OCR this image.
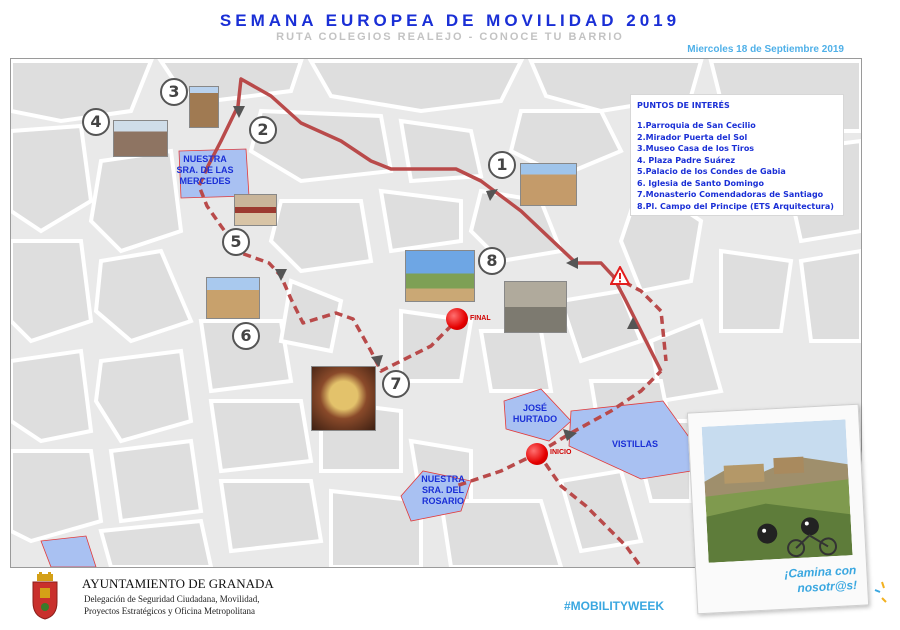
SEMANA EUROPEA DE MOVILIDAD 2019
RUTA COLEGIOS REALEJO - CONOCE TU BARRIO
Miercoles 18 de Septiembre 2019
PUNTOS DE INTERÉS
1.Parroquia de San Cecilio
2.Mirador Puerta del Sol
3.Museo Casa de los Tiros
4. Plaza Padre Suárez
5.Palacio de los Condes de Gabia
6. Iglesia de Santo Domingo
7.Monasterio Comendadoras de Santiago
8.Pl. Campo del Principe (ETS Arquitectura)
1
2
3
4
5
6
7
8
NUESTRA
SRA. DE LAS
MERCEDES
JOSÉ
HURTADO
VISTILLAS
NUESTRA
SRA. DEL
ROSARIO
FINAL
INICIO
¡Camina con
nosotr@s!
AYUNTAMIENTO DE GRANADA
Delegación de Seguridad Ciudadana, Movilidad,
Proyectos Estratégicos y Oficina Metropolitana	#MOBILITYWEEK
